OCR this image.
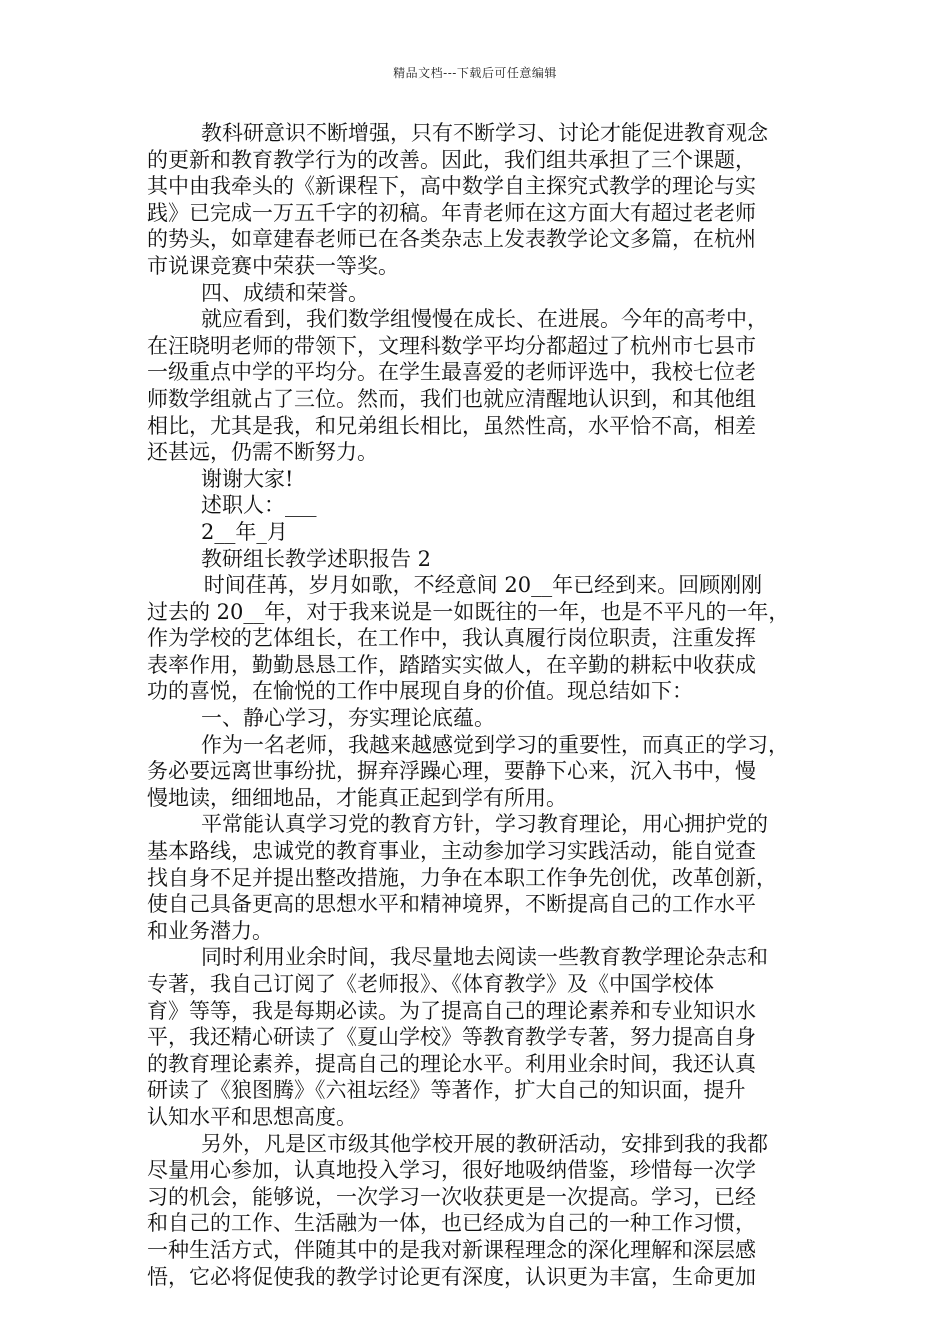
精品文档---下载后可任意编辑
教科研意识不断增强，只有不断学习、讨论才能促进教育观念
的更新和教育教学行为的改善。因此，我们组共承担了三个课题，
其中由我牵头的《新课程下，高中数学自主探究式教学的理论与实
践》已完成一万五千字的初稿。年青老师在这方面大有超过老老师
的势头，如章建春老师已在各类杂志上发表教学论文多篇，在杭州
市说课竞赛中荣获一等奖。
四、成绩和荣誉。
就应看到，我们数学组慢慢在成长、在进展。今年的高考中，
在汪晓明老师的带领下，文理科数学平均分都超过了杭州市七县市
一级重点中学的平均分。在学生最喜爱的老师评选中，我校七位老
师数学组就占了三位。然而，我们也就应清醒地认识到，和其他组
相比，尤其是我，和兄弟组长相比，虽然性高，水平恰不高，相差
还甚远，仍需不断努力。
谢谢大家!
述职人：___
2__年_月
教研组长教学述职报告 2
时间荏苒，岁月如歌，不经意间 20__年已经到来。回顾刚刚
过去的 20__年，对于我来说是一如既往的一年，也是不平凡的一年，
作为学校的艺体组长，在工作中，我认真履行岗位职责，注重发挥
表率作用，勤勤恳恳工作，踏踏实实做人，在辛勤的耕耘中收获成
功的喜悦，在愉悦的工作中展现自身的价值。现总结如下：
一、静心学习，夯实理论底蕴。
作为一名老师，我越来越感觉到学习的重要性，而真正的学习，
务必要远离世事纷扰，摒弃浮躁心理，要静下心来，沉入书中，慢
慢地读，细细地品，才能真正起到学有所用。
平常能认真学习党的教育方针，学习教育理论，用心拥护党的
基本路线，忠诚党的教育事业，主动参加学习实践活动，能自觉查
找自身不足并提出整改措施，力争在本职工作争先创优，改革创新，
使自己具备更高的思想水平和精神境界，不断提高自己的工作水平
和业务潜力。
同时利用业余时间，我尽量地去阅读一些教育教学理论杂志和
专著，我自己订阅了《老师报》、《体育教学》及《中国学校体
育》等等，我是每期必读。为了提高自己的理论素养和专业知识水
平，我还精心研读了《夏山学校》等教育教学专著，努力提高自身
的教育理论素养，提高自己的理论水平。利用业余时间，我还认真
研读了《狼图腾》《六祖坛经》等著作，扩大自己的知识面，提升
认知水平和思想高度。
另外，凡是区市级其他学校开展的教研活动，安排到我的我都
尽量用心参加，认真地投入学习，很好地吸纳借鉴，珍惜每一次学
习的机会，能够说，一次学习一次收获更是一次提高。学习，已经
和自己的工作、生活融为一体，也已经成为自己的一种工作习惯，
一种生活方式，伴随其中的是我对新课程理念的深化理解和深层感
悟，它必将促使我的教学讨论更有深度，认识更为丰富，生命更加
